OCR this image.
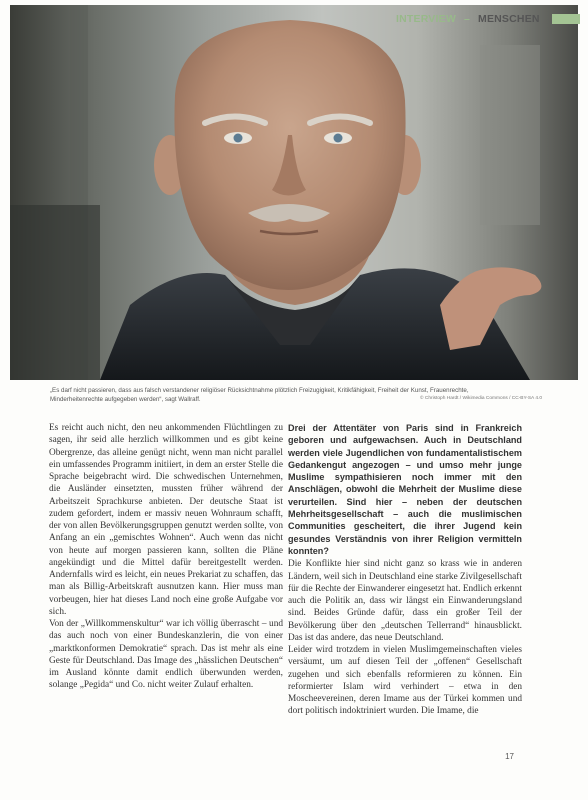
INTERVIEW – MENSCHEN
„Es darf nicht passieren, dass aus falsch verstandener religiöser Rücksichtnahme plötzlich Freizugigkeit, Kritikfähigkeit, Freiheit der Kunst, Frauenrechte, Minderheitenrechte aufgegeben werden“, sagt Wallraff.	© Christoph Hardt / Wikimedia Commons / CC-BY-SA 4.0

Es reicht auch nicht, den neu ankommenden Flüchtlingen zu sagen, ihr seid alle herzlich willkommen und es gibt keine Obergrenze, das alleine genügt nicht, wenn man nicht parallel ein umfassendes Programm initiiert, in dem an erster Stelle die Sprache beigebracht wird. Die schwedischen Unternehmen, die Ausländer einsetzten, mussten früher während der Arbeitszeit Sprachkurse anbieten. Der deutsche Staat ist zudem gefordert, indem er massiv neuen Wohnraum schafft, der von allen Bevölkerungsgruppen genutzt werden sollte, von Anfang an ein „gemischtes Wohnen“. Auch wenn das nicht von heute auf morgen passieren kann, sollten die Pläne angekündigt und die Mittel dafür bereitgestellt werden. Andernfalls wird es leicht, ein neues Prekariat zu schaffen, das man als Billig-Arbeitskraft ausnutzen kann. Hier muss man vorbeugen, hier hat dieses Land noch eine große Aufgabe vor sich.

Von der „Willkommenskultur“ war ich völlig überrascht – und das auch noch von einer Bundeskanzlerin, die von einer „marktkonformen Demokratie“ sprach. Das ist mehr als eine Geste für Deutschland. Das Image des „hässlichen Deutschen“ im Ausland könnte damit endlich überwunden werden, solange „Pegida“ und Co. nicht weiter Zulauf erhalten.

Drei der Attentäter von Paris sind in Frankreich geboren und aufgewachsen. Auch in Deutschland werden viele Jugendlichen von fundamentalistischem Gedankengut angezogen – und umso mehr junge Muslime sympathisieren noch immer mit den Anschlägen, obwohl die Mehrheit der Muslime diese verurteilen. Sind hier – neben der deutschen Mehrheitsgesellschaft – auch die muslimischen Communities gescheitert, die ihrer Jugend kein gesundes Verständnis von ihrer Religion vermitteln konnten?

Die Konflikte hier sind nicht ganz so krass wie in anderen Ländern, weil sich in Deutschland eine starke Zivilgesellschaft für die Rechte der Einwanderer eingesetzt hat. Endlich erkennt auch die Politik an, dass wir längst ein Einwanderungsland sind. Beides Gründe dafür, dass ein großer Teil der Bevölkerung über den „deutschen Tellerrand“ hinausblickt. Das ist das andere, das neue Deutschland.

Leider wird trotzdem in vielen Muslimgemeinschaften vieles versäumt, um auf diesen Teil der „offenen“ Gesellschaft zugehen und sich ebenfalls reformieren zu können. Ein reformierter Islam wird verhindert – etwa in den Moscheevereinen, deren Imame aus der Türkei kommen und dort politisch indoktriniert wurden. Die Imame, die

17
